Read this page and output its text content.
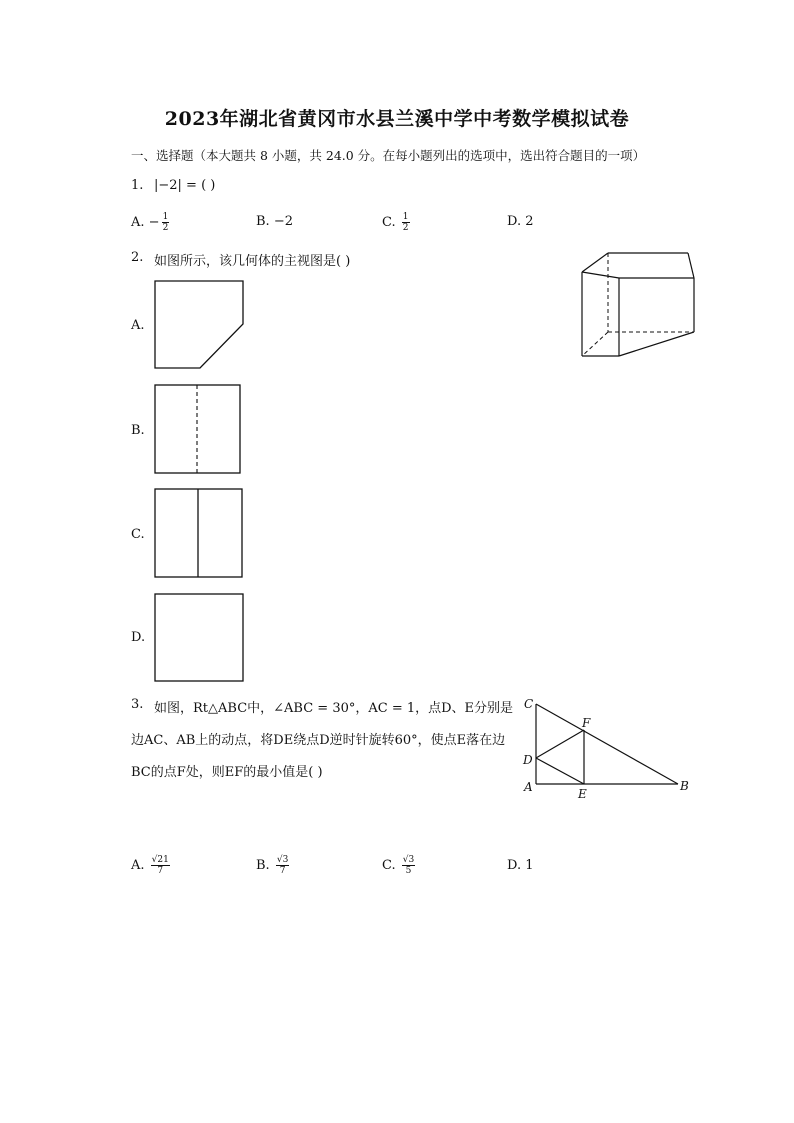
2023年湖北省黄冈市水县兰溪中学中考数学模拟试卷
一、选择题（本大题共 8 小题，共 24.0 分。在每小题列出的选项中，选出符合题目的一项）
1. |−2| = ( )
A. − $\frac{1}{2}$	B. −2	C. $\frac{1}{2}$	D. 2
2. 如图所示，该几何体的主视图是( )
A.
B.
C.
D.
3. 如图，Rt△ABC中，∠ABC = 30°，AC = 1，点D、E分别是
边AC、AB上的动点，将DE绕点D逆时针旋转60°，使点E落在边
BC的点F处，则EF的最小值是( )
C
F
D
A	E
B
A. $\frac{√21}{7}$	B. $\frac{√3}{7}$	C. $\frac{√3}{5}$	D. 1
